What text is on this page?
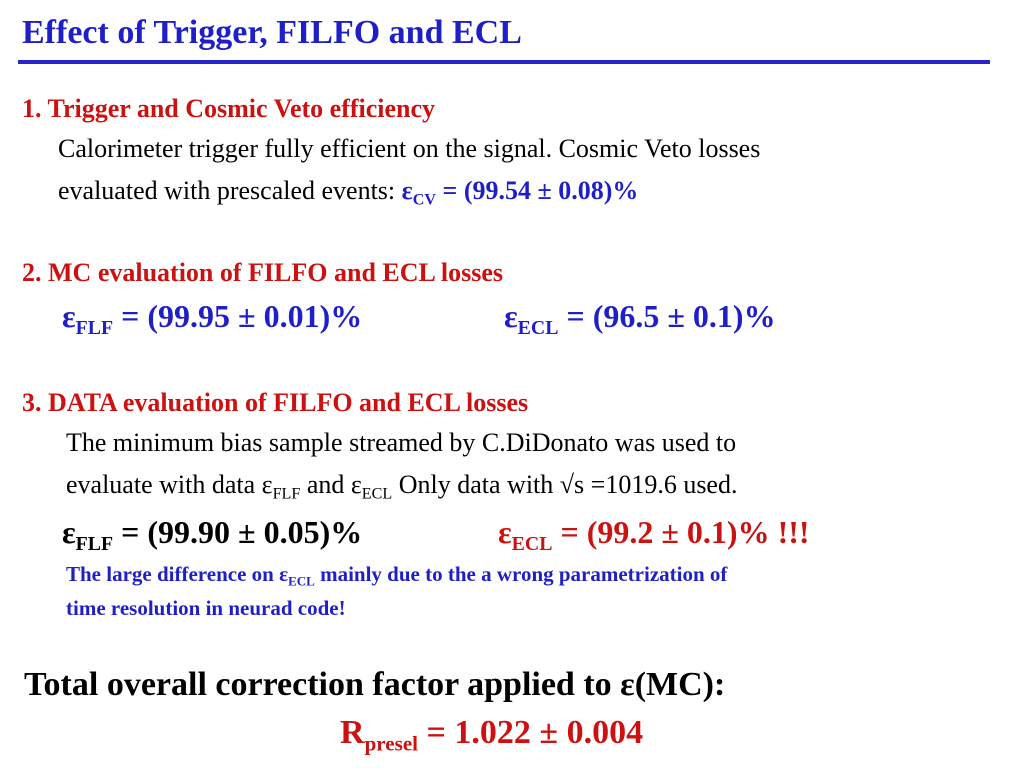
Effect of Trigger, FILFO and ECL
1. Trigger and Cosmic Veto efficiency
Calorimeter trigger fully efficient on the signal. Cosmic Veto losses
evaluated with prescaled events: $\varepsilon_{CV} = (99.54 \pm 0.08)\%$
2. MC evaluation of FILFO and ECL losses
$\varepsilon_{FLF} = (99.95 \pm 0.01)\%$	$\varepsilon_{ECL} = (96.5 \pm 0.1)\%$
3. DATA evaluation of FILFO and ECL losses
The minimum bias sample streamed by C.DiDonato was used to
evaluate with data $\varepsilon_{FLF}$ and $\varepsilon_{ECL}$ Only data with √s =1019.6 used.
$\varepsilon_{FLF} = (99.90 \pm 0.05)\%$	$\varepsilon_{ECL} = (99.2 \pm 0.1)\%$ !!!
The large difference on $\varepsilon_{ECL}$ mainly due to the a wrong parametrization of
time resolution in neurad code!
Total overall correction factor applied to ε(MC):
$R_{presel} = 1.022 \pm 0.004$
